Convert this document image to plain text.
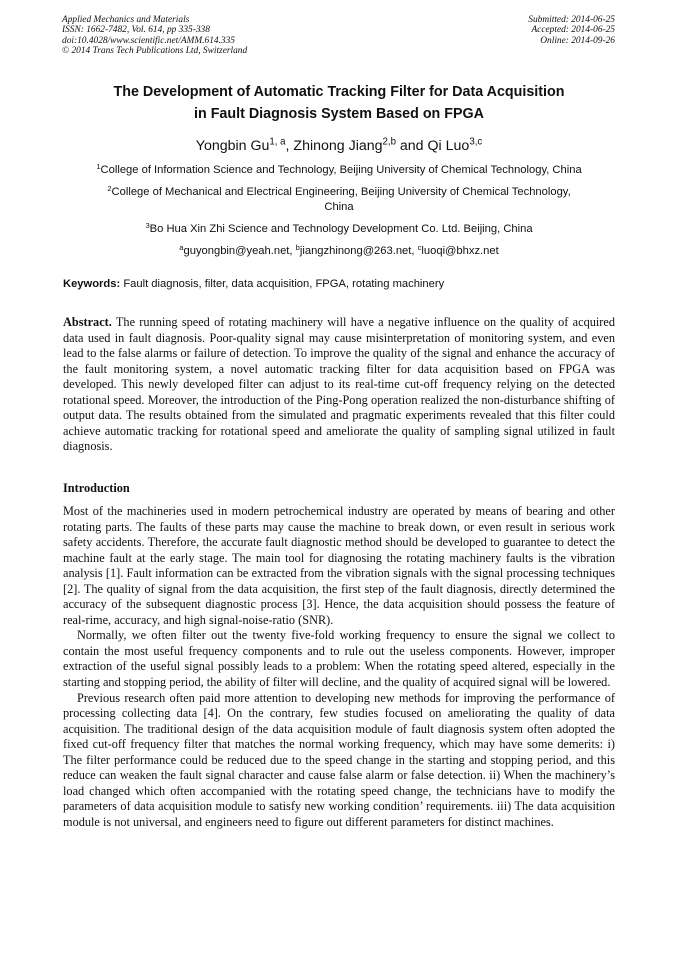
Applied Mechanics and Materials
ISSN: 1662-7482, Vol. 614, pp 335-338
doi:10.4028/www.scientific.net/AMM.614.335
© 2014 Trans Tech Publications Ltd, Switzerland
Submitted: 2014-06-25
Accepted: 2014-06-25
Online: 2014-09-26
The Development of Automatic Tracking Filter for Data Acquisition
in Fault Diagnosis System Based on FPGA
Yongbin Gu$^{1, a}$, Zhinong Jiang$^{2,b}$ and Qi Luo$^{3,c}$
$^1$College of Information Science and Technology, Beijing University of Chemical Technology, China
$^2$College of Mechanical and Electrical Engineering, Beijing University of Chemical Technology,
China
$^3$Bo Hua Xin Zhi Science and Technology Development Co. Ltd. Beijing, China
$^a$guyongbin@yeah.net, $^b$jiangzhinong@263.net, $^c$luoqi@bhxz.net
Keywords: Fault diagnosis, filter, data acquisition, FPGA, rotating machinery
Abstract. The running speed of rotating machinery will have a negative influence on the quality of acquired data used in fault diagnosis. Poor-quality signal may cause misinterpretation of monitoring system, and even lead to the false alarms or failure of detection. To improve the quality of the signal and enhance the accuracy of the fault monitoring system, a novel automatic tracking filter for data acquisition based on FPGA was developed. This newly developed filter can adjust to its real-time cut-off frequency relying on the detected rotational speed. Moreover, the introduction of the Ping-Pong operation realized the non-disturbance shifting of output data. The results obtained from the simulated and pragmatic experiments revealed that this filter could achieve automatic tracking for rotational speed and ameliorate the quality of sampling signal utilized in fault diagnosis.
Introduction

Most of the machineries used in modern petrochemical industry are operated by means of bearing and other rotating parts. The faults of these parts may cause the machine to break down, or even result in serious work safety accidents. Therefore, the accurate fault diagnostic method should be developed to guarantee to detect the machine fault at the early stage. The main tool for diagnosing the rotating machinery faults is the vibration analysis [1]. Fault information can be extracted from the vibration signals with the signal processing techniques [2]. The quality of signal from the data acquisition, the first step of the fault diagnosis, directly determined the accuracy of the subsequent diagnostic process [3]. Hence, the data acquisition should possess the feature of real-rime, accuracy, and high signal-noise-ratio (SNR).

Normally, we often filter out the twenty five-fold working frequency to ensure the signal we collect to contain the most useful frequency components and to rule out the useless components. However, improper extraction of the useful signal possibly leads to a problem: When the rotating speed altered, especially in the starting and stopping period, the ability of filter will decline, and the quality of acquired signal will be lowered.

Previous research often paid more attention to developing new methods for improving the performance of processing collecting data [4]. On the contrary, few studies focused on ameliorating the quality of data acquisition. The traditional design of the data acquisition module of fault diagnosis system often adopted the fixed cut-off frequency filter that matches the normal working frequency, which may have some demerits: i) The filter performance could be reduced due to the speed change in the starting and stopping period, and this reduce can weaken the fault signal character and cause false alarm or false detection. ii) When the machinery’s load changed which often accompanied with the rotating speed change, the technicians have to modify the parameters of data acquisition module to satisfy new working condition’ requirements. iii) The data acquisition module is not universal, and engineers need to figure out different parameters for distinct machines.
